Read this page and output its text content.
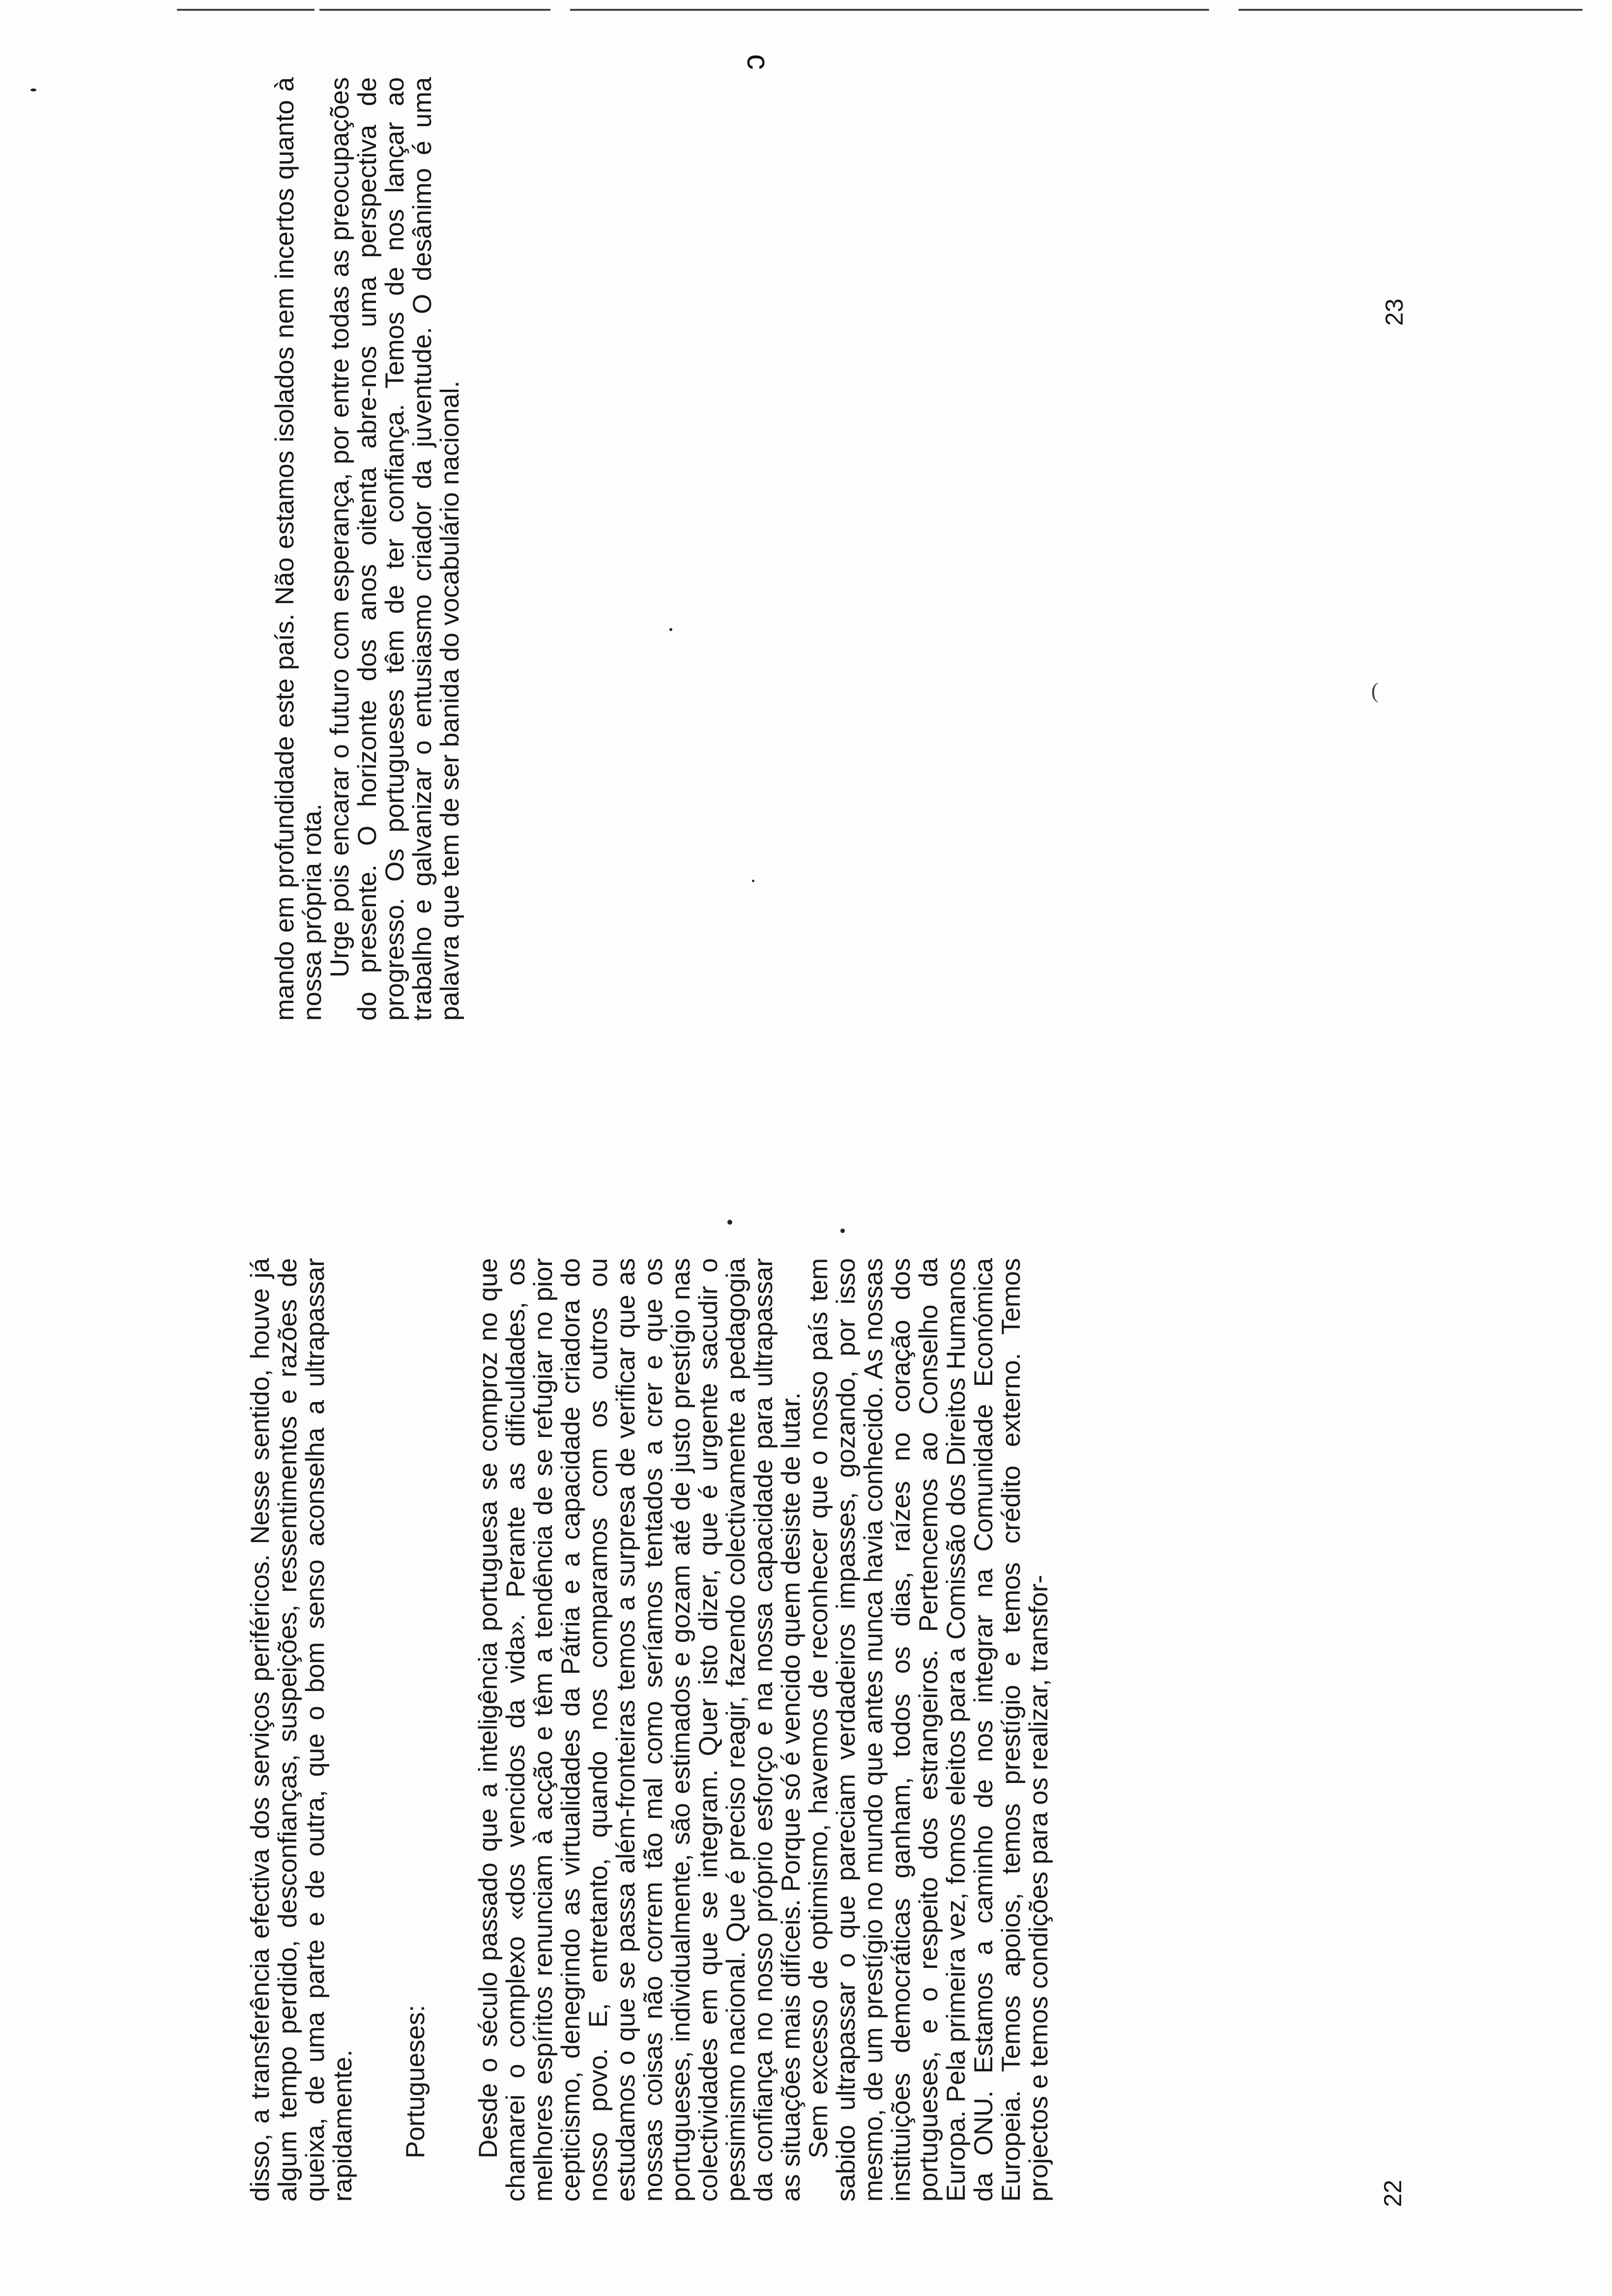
c
(

disso, a transferência efectiva dos serviços periféricos. Nesse sentido, houve já algum tempo perdido, desconfianças, suspeições, ressentimentos e razões de queixa, de uma parte e de outra, que o bom senso aconselha a ultrapassar rapidamente. Portugueses: Desde o século passado que a inteligência portuguesa se comproz no que chamarei o complexo «dos vencidos da vida». Perante as dificuldades, os melhores espíritos renunciam à acção e têm a tendência de se refugiar no pior cepticismo, denegrindo as virtualidades da Pátria e a capacidade criadora do nosso povo. E, entretanto, quando nos comparamos com os outros ou estudamos o que se passa além-fronteiras temos a surpresa de verificar que as nossas coisas não correm tão mal como seríamos tentados a crer e que os portugueses, individualmente, são estimados e gozam até de justo prestígio nas colectividades em que se integram. Quer isto dizer, que é urgente sacudir o pessimismo nacional. Que é preciso reagir, fazendo colectivamente a pedagogia da confiança no nosso próprio esforço e na nossa capacidade para ultrapassar as situações mais difíceis. Porque só é vencido quem desiste de lutar.

Sem excesso de optimismo, havemos de reconhecer que o nosso país tem sabido ultrapassar o que pareciam verdadeiros impasses, gozando, por isso mesmo, de um prestígio no mundo que antes nunca havia conhecido. As nossas instituições democráticas ganham, todos os dias, raízes no coração dos portugueses, e o respeito dos estrangeiros. Pertencemos ao Conselho da Europa. Pela primeira vez, fomos eleitos para a Comissão dos Direitos Humanos da ONU. Estamos a caminho de nos integrar na Comunidade Económica Europeia. Temos apoios, temos prestígio e temos crédito externo. Temos projectos e temos condições para os realizar, transfor-	22

mando em profundidade este país. Não estamos isolados nem incertos quanto à nossa própria rota.

Urge pois encarar o futuro com esperança, por entre todas as preocupações do presente. O horizonte dos anos oitenta abre-nos uma perspectiva de progresso. Os portugueses têm de ter confiança. Temos de nos lançar ao trabalho e galvanizar o entusiasmo criador da juventude. O desânimo é uma palavra que tem de ser banida do vocabulário nacional.

23
